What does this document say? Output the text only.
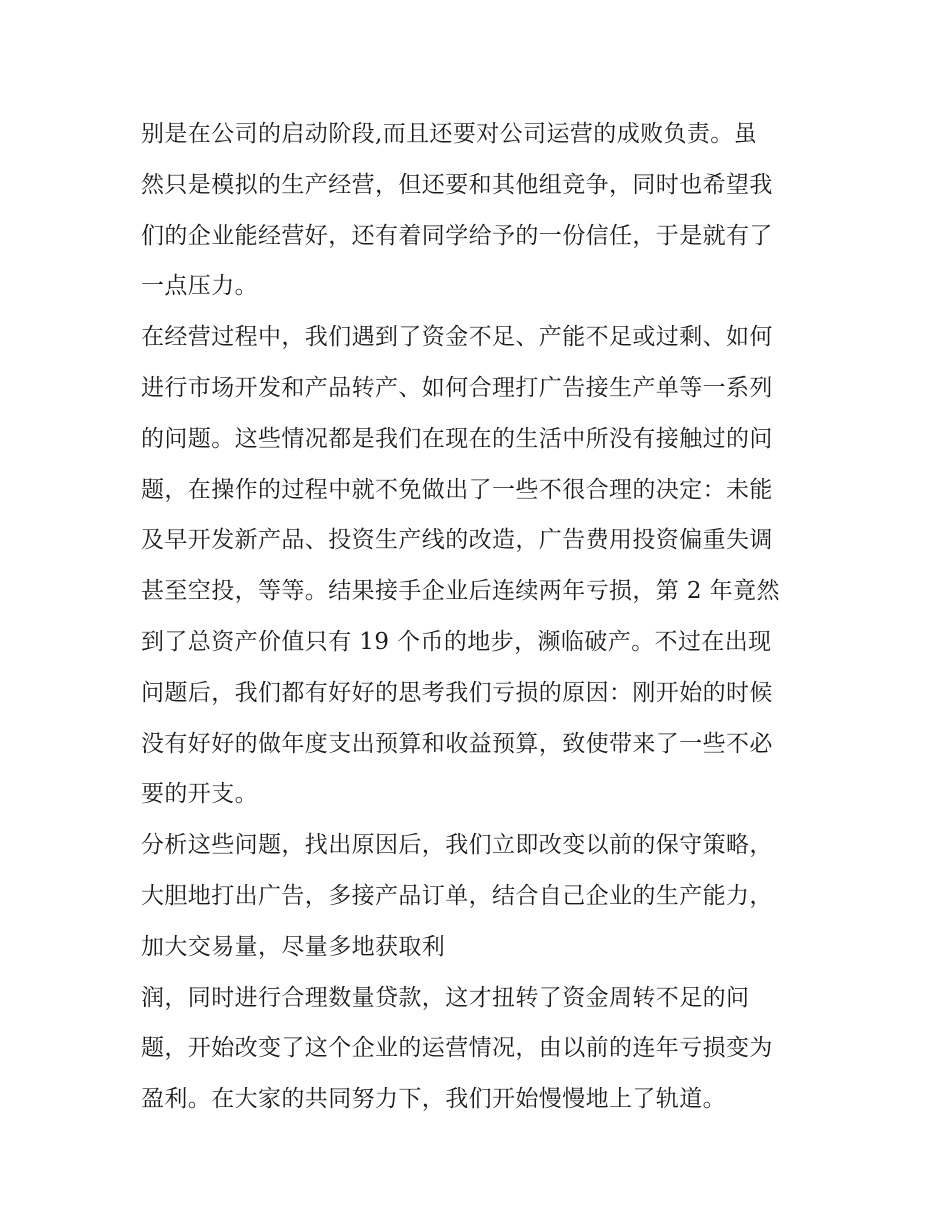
别是在公司的启动阶段,而且还要对公司运营的成败负责。虽
然只是模拟的生产经营，但还要和其他组竞争，同时也希望我
们的企业能经营好，还有着同学给予的一份信任，于是就有了
一点压力。
在经营过程中，我们遇到了资金不足、产能不足或过剩、如何
进行市场开发和产品转产、如何合理打广告接生产单等一系列
的问题。这些情况都是我们在现在的生活中所没有接触过的问
题，在操作的过程中就不免做出了一些不很合理的决定：未能
及早开发新产品、投资生产线的改造，广告费用投资偏重失调
甚至空投，等等。结果接手企业后连续两年亏损，第 2 年竟然
到了总资产价值只有 19 个币的地步，濒临破产。不过在出现
问题后，我们都有好好的思考我们亏损的原因：刚开始的时候
没有好好的做年度支出预算和收益预算，致使带来了一些不必
要的开支。
分析这些问题，找出原因后，我们立即改变以前的保守策略，
大胆地打出广告，多接产品订单，结合自己企业的生产能力，
加大交易量，尽量多地获取利
润，同时进行合理数量贷款，这才扭转了资金周转不足的问
题，开始改变了这个企业的运营情况，由以前的连年亏损变为
盈利。在大家的共同努力下，我们开始慢慢地上了轨道。
